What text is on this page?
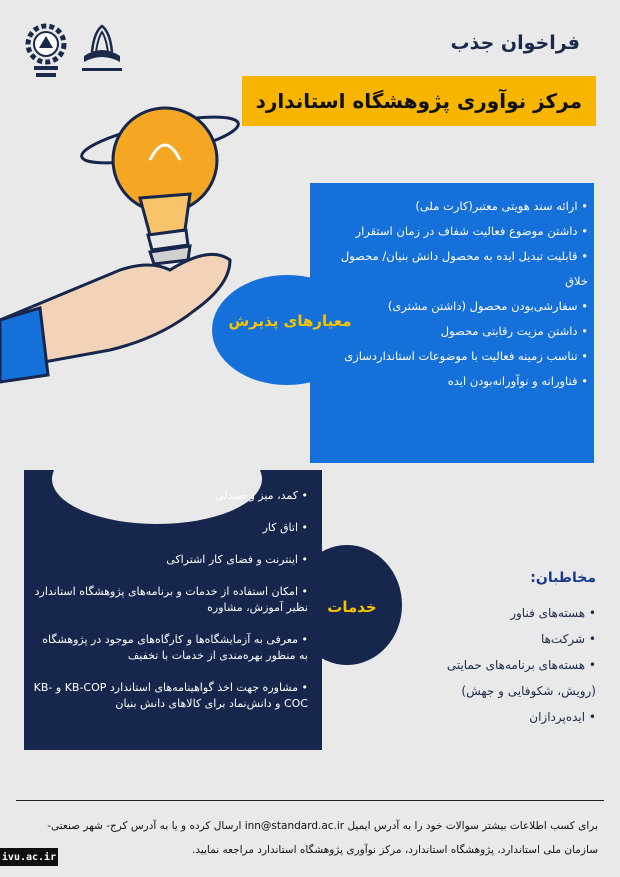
فراخوان جذب
مرکز نوآوری پژوهشگاه استاندارد
معیارهای پذیرش
• ارائه سند هویتی معتبر(کارت ملی)
• داشتن موضوع فعالیت شفاف در زمان استقرار
• قابلیت تبدیل ایده به محصول دانش بنیان/ محصول خلاق
• سفارشی‌بودن محصول (داشتن مشتری)
• داشتن مزیت رقابتی محصول
• تناسب زمینه فعالیت با موضوعات استانداردسازی
• فناورانه و نوآورانه‌بودن ایده
خدمات
• کمد، میز و صندلی
• اتاق کار
• اینترنت و فضای کار اشتراکی
• امکان استفاده از خدمات و برنامه‌های پژوهشگاه استاندارد نظیر آموزش، مشاوره
• معرفی به آزمایشگاه‌ها و کارگاه‌های موجود در پژوهشگاه به منظور بهره‌مندی از خدمات با تخفیف
• مشاوره جهت اخذ گواهینامه‌های استاندارد KB-COP و KB-COC و دانش‌نماد برای کالاهای دانش بنیان
مخاطبان:
• هسته‌های فناور
• شرکت‌ها
• هسته‌های برنامه‌های حمایتی (رویش، شکوفایی و جهش)
• ایده‌پردازان
برای کسب اطلاعات بیشتر سوالات خود را به آدرس ایمیل inn@standard.ac.ir ارسال کرده و یا به آدرس کرج- شهر صنعتی- سازمان ملی استاندارد، پژوهشگاه استاندارد، مرکز نوآوری پژوهشگاه استاندارد مراجعه نمایید.
ivu.ac.ir
